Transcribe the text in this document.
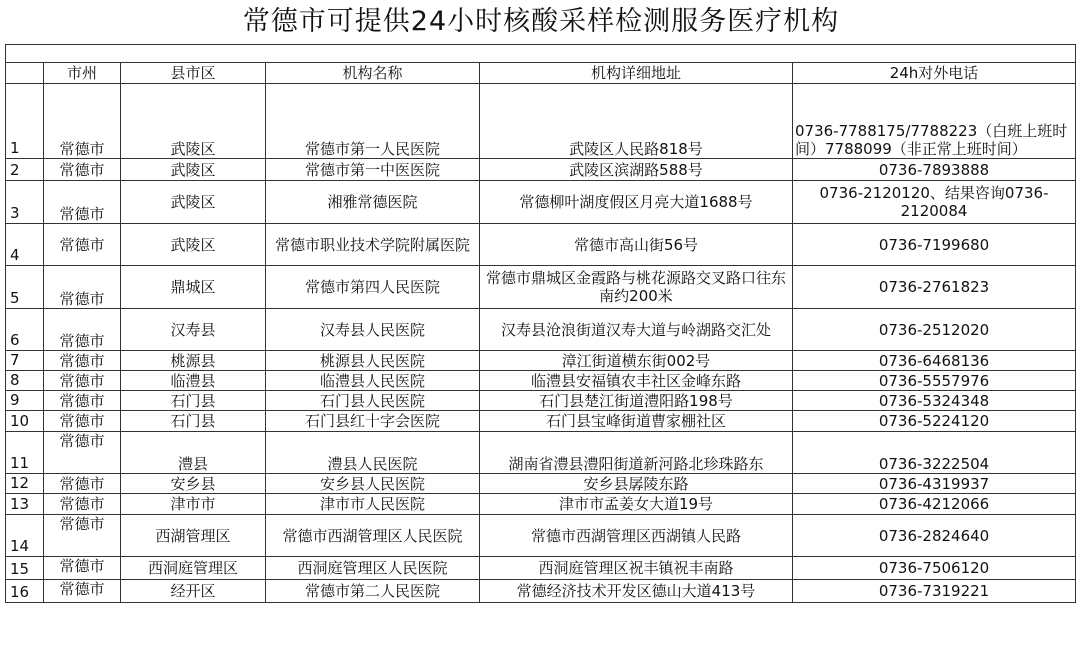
常德市可提供24小时核酸采样检测服务医疗机构

	市州	县市区	机构名称	机构详细地址	24h对外电话
1	常德市	武陵区	常德市第一人民医院	武陵区人民路818号	0736-7788175/7788223（白班上班时间）7788099（非正常上班时间）
2	常德市	武陵区	常德市第一中医医院	武陵区滨湖路588号	0736-7893888
3	常德市	武陵区	湘雅常德医院	常德柳叶湖度假区月亮大道1688号	0736-2120120、结果咨询0736-2120084
4	常德市	武陵区	常德市职业技术学院附属医院	常德市高山街56号	0736-7199680
5	常德市	鼎城区	常德市第四人民医院	常德市鼎城区金霞路与桃花源路交叉路口往东南约200米	0736-2761823
6	常德市	汉寿县	汉寿县人民医院	汉寿县沧浪街道汉寿大道与岭湖路交汇处	0736-2512020
7	常德市	桃源县	桃源县人民医院	漳江街道横东街002号	0736-6468136
8	常德市	临澧县	临澧县人民医院	临澧县安福镇农丰社区金峰东路	0736-5557976
9	常德市	石门县	石门县人民医院	石门县楚江街道澧阳路198号	0736-5324348
10	常德市	石门县	石门县红十字会医院	石门县宝峰街道曹家棚社区	0736-5224120
11	常德市	澧县	澧县人民医院	湖南省澧县澧阳街道新河路北珍珠路东	0736-3222504
12	常德市	安乡县	安乡县人民医院	安乡县孱陵东路	0736-4319937
13	常德市	津市市	津市市人民医院	津市市孟姜女大道19号	0736-4212066
14	常德市	西湖管理区	常德市西湖管理区人民医院	常德市西湖管理区西湖镇人民路	0736-2824640
15	常德市	西洞庭管理区	西洞庭管理区人民医院	西洞庭管理区祝丰镇祝丰南路	0736-7506120
16	常德市	经开区	常德市第二人民医院	常德经济技术开发区德山大道413号	0736-7319221
